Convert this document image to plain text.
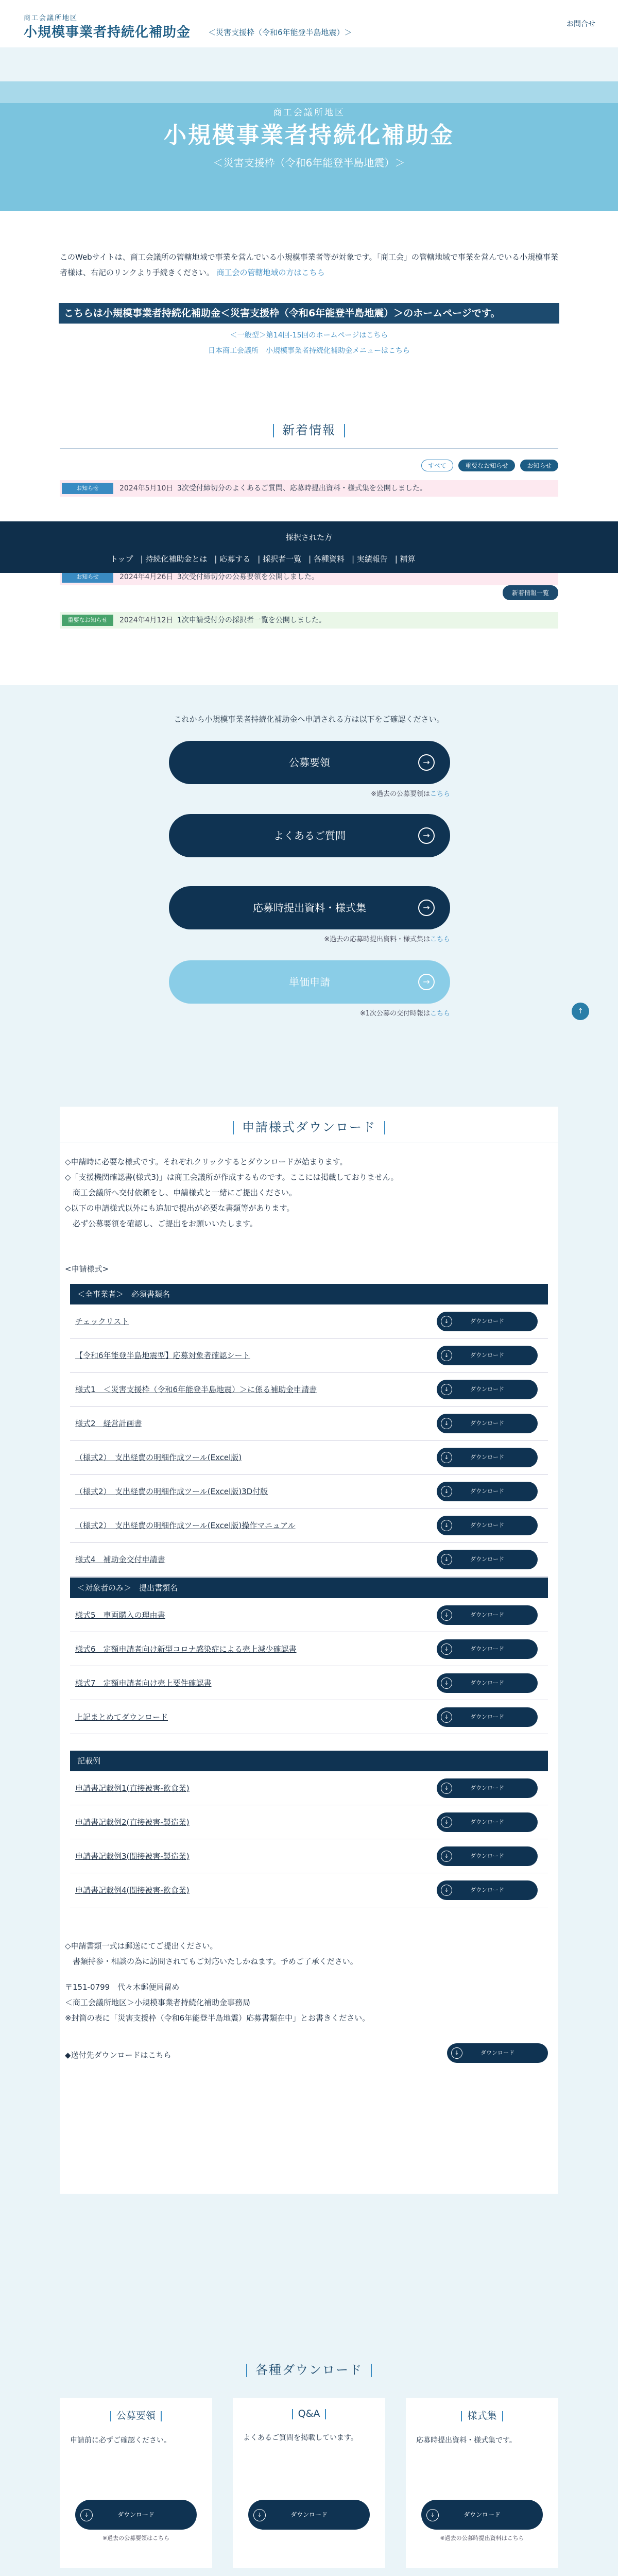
商工会議所地区
小規模事業者持続化補助金 ＜災害支援枠（令和6年能登半島地震）＞
お問合せ
商工会議所地区
小規模事業者持続化補助金
＜災害支援枠（令和6年能登半島地震）＞
このWebサイトは、商工会議所の管轄地域で事業を営んでいる小規模事業者等が対象です。「商工会」の管轄地域で事業を営んでいる小規模事業者様は、右記のリンクより手続きください。 商工会の管轄地域の方はこちら
こちらは小規模事業者持続化補助金＜災害支援枠（令和6年能登半島地震）＞のホームページです。
＜一般型＞第14回-15回のホームページはこちら
日本商工会議所　小規模事業者持続化補助金メニューはこちら
新着情報
すべて	重要なお知らせ	お知らせ
お知らせ	2024年5月10日 3次受付締切分のよくあるご質問、応募時提出資料・様式集を公開しました。
お知らせ	2024年4月26日 3次受付締切分の公募要領を公開しました。
重要なお知らせ 2024年4月12日 1次申請受付分の採択者一覧を公開しました。
採択された方
トップ | 持続化補助金とは | 応募する | 採択者一覧 | 各種資料 | 実績報告 | 精算
新着情報一覧
これから小規模事業者持続化補助金へ申請される方は以下をご確認ください。
公募要領	→
※過去の公募要領はこちら
よくあるご質問	→
応募時提出資料・様式集	→
※過去の応募時提出資料・様式集はこちら
単価申請	→
※1次公募の交付時報はこちら	↑
申請様式ダウンロード
◇申請時に必要な様式です。それぞれクリックするとダウンロードが始まります。
◇「支援機関確認書(様式3)」は商工会議所が作成するものです。ここには掲載しておりません。
　商工会議所へ交付依頼をし、申請様式と一緒にご提出ください。
◇以下の申請様式以外にも追加で提出が必要な書類等があります。
　必ず公募要領を確認し、ご提出をお願いいたします。
<申請様式>
＜全事業者＞　必須書類名
チェックリスト	↓	ダウンロード
【令和6年能登半島地震型】応募対象者確認シート	↓	ダウンロード
様式1　＜災害支援枠（令和6年能登半島地震）＞に係る補助金申請書	↓	ダウンロード
様式2　経営計画書	↓	ダウンロード
（様式2）　支出経費の明細作成ツール(Excel版)	↓	ダウンロード
（様式2）　支出経費の明細作成ツール(Excel版)3D付版	↓	ダウンロード
（様式2）　支出経費の明細作成ツール(Excel版)操作マニュアル	↓	ダウンロード
様式4　補助金交付申請書	↓	ダウンロード
＜対象者のみ＞　提出書類名
様式5　車両購入の理由書	↓	ダウンロード
様式6　定額申請者向け新型コロナ感染症による売上減少確認書	↓	ダウンロード
様式7　定額申請者向け売上要件確認書	↓	ダウンロード
上記まとめてダウンロード	↓	ダウンロード
記載例
申請書記載例1(直接被害-飲食業)	↓	ダウンロード
申請書記載例2(直接被害-製造業)	↓	ダウンロード
申請書記載例3(間接被害-製造業)	↓	ダウンロード
申請書記載例4(間接被害-飲食業)	↓	ダウンロード
◇申請書類一式は郵送にてご提出ください。
　書類持参・相談の為に訪問されてもご対応いたしかねます。予めご了承ください。
〒151-0799　代々木郵便局留め
＜商工会議所地区＞小規模事業者持続化補助金事務局
※封筒の表に「災害支援枠（令和6年能登半島地震）応募書類在中」とお書きください。
◆送付先ダウンロードはこちら	↓	ダウンロード
各種ダウンロード
公募要領
申請前に必ずご確認ください。
↓	ダウンロード
※過去の公募要領はこちら
Q&A
よくあるご質問を掲載しています。
↓	ダウンロード
様式集
応募時提出資料・様式集です。
↓	ダウンロード
※過去の公募時提出資料はこちら
